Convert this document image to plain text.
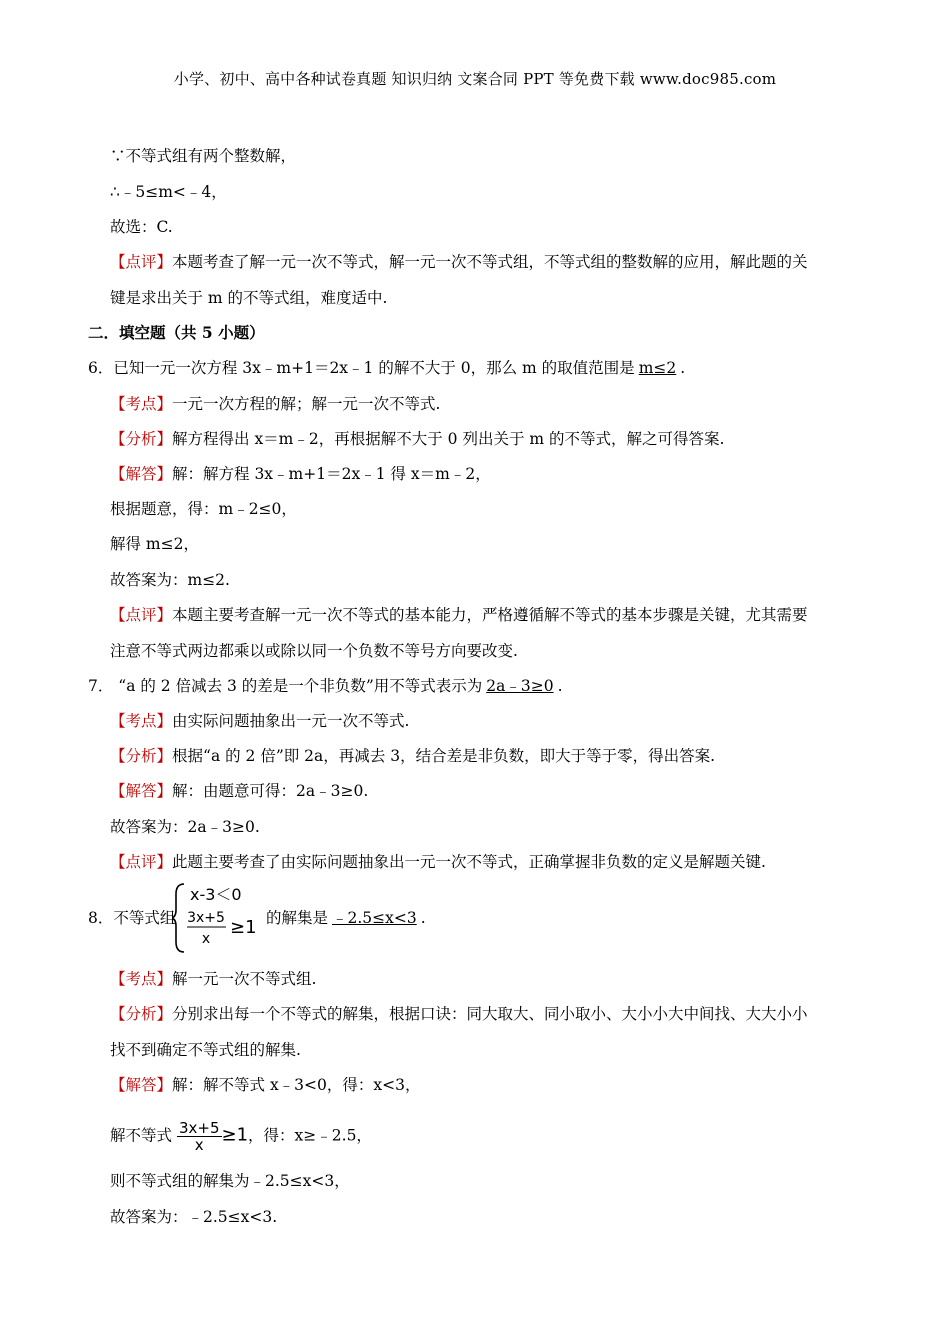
小学、初中、高中各种试卷真题 知识归纳 文案合同 PPT 等免费下载 www.doc985.com
∵不等式组有两个整数解，
∴﹣5≤m<﹣4，
故选：C.
【点评】本题考查了解一元一次不等式，解一元一次不等式组，不等式组的整数解的应用，解此题的关
键是求出关于 m 的不等式组，难度适中.
二．填空题（共 5 小题）
6．已知一元一次方程 3x﹣m+1＝2x﹣1 的解不大于 0，那么 m 的取值范围是 m≤2 .
【考点】一元一次方程的解；解一元一次不等式.
【分析】解方程得出 x＝m﹣2，再根据解不大于 0 列出关于 m 的不等式，解之可得答案.
【解答】解：解方程 3x﹣m+1＝2x﹣1 得 x＝m﹣2，
根据题意，得：m﹣2≤0，
解得 m≤2，
故答案为：m≤2.
【点评】本题主要考查解一元一次不等式的基本能力，严格遵循解不等式的基本步骤是关键，尤其需要
注意不等式两边都乘以或除以同一个负数不等号方向要改变.
7． “a 的 2 倍减去 3 的差是一个非负数”用不等式表示为 2a﹣3≥0 .
【考点】由实际问题抽象出一元一次不等式.
【分析】根据“a 的 2 倍”即 2a，再减去 3，结合差是非负数，即大于等于零，得出答案.
【解答】解：由题意可得：2a﹣3≥0.
故答案为：2a﹣3≥0.
【点评】此题主要考查了由实际问题抽象出一元一次不等式，正确掌握非负数的定义是解题关键.
8．不等式组
x-3＜0
3x+5
x
≥1 的解集是 ﹣2.5≤x<3 .
【考点】解一元一次不等式组.
【分析】分别求出每一个不等式的解集，根据口诀：同大取大、同小取小、大小小大中间找、大大小小
找不到确定不等式组的解集.
【解答】解：解不等式 x﹣3<0，得：x<3，
解不等式 $\frac{3x+5}{x} \ge 1$，得：x≥﹣2.5，
则不等式组的解集为﹣2.5≤x<3，
故答案为：﹣2.5≤x<3.
